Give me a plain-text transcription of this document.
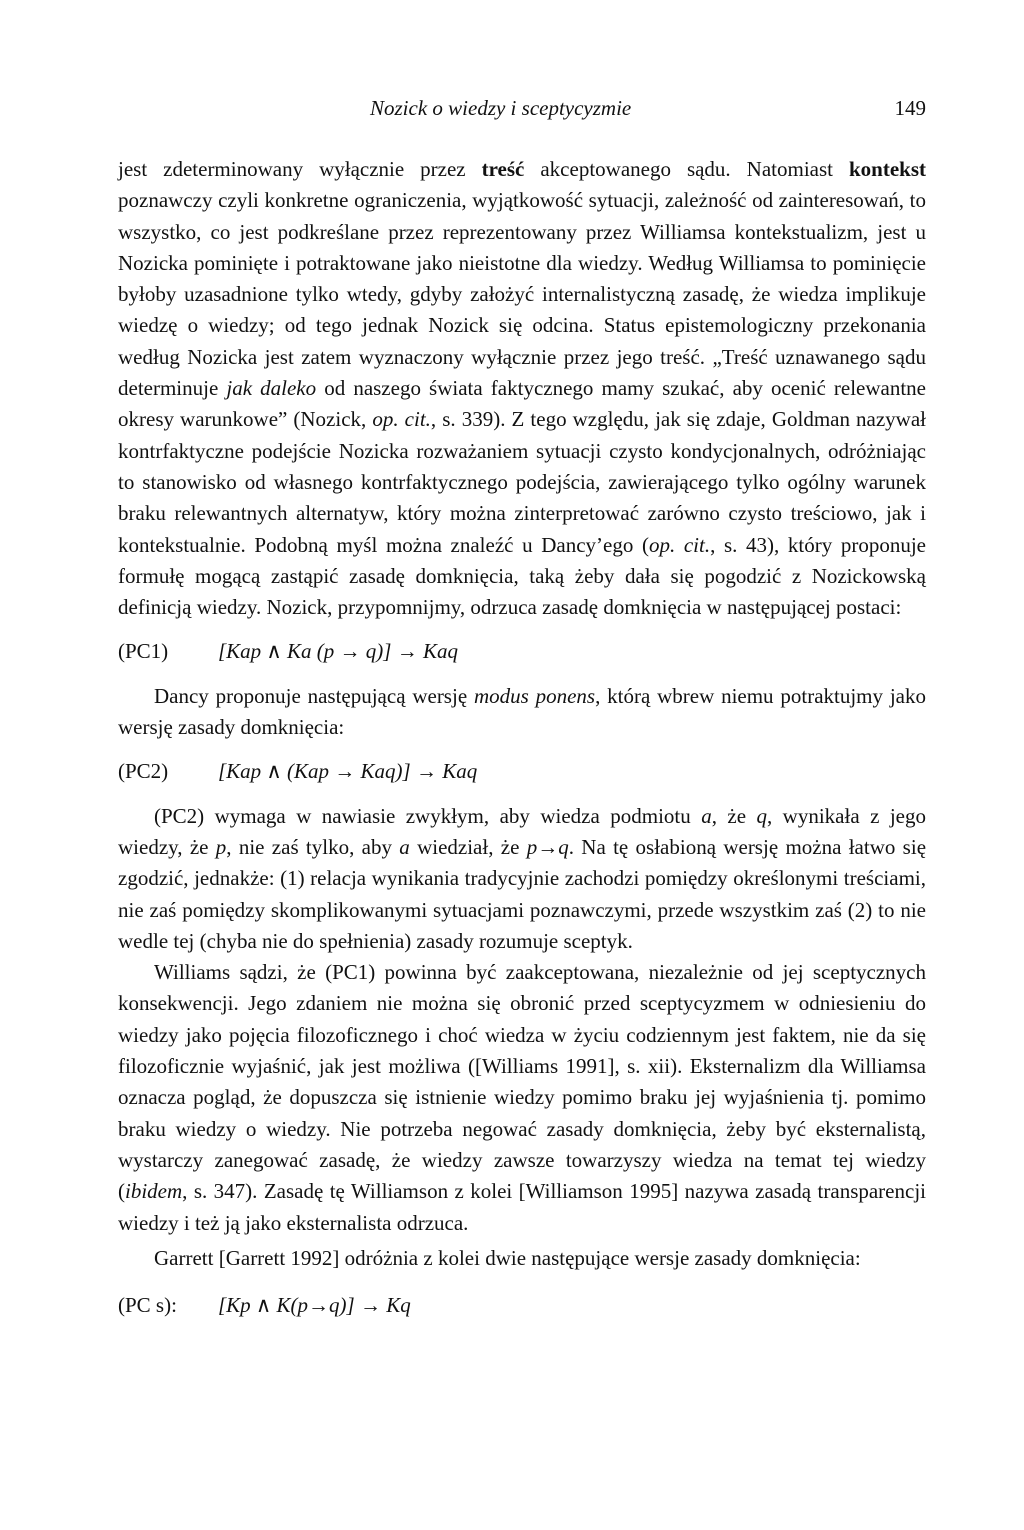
Nozick o wiedzy i sceptycyzmie	149

jest zdeterminowany wyłącznie przez treść akceptowanego sądu. Natomiast kontekst poznawczy czyli konkretne ograniczenia, wyjątkowość sytuacji, zależność od zainteresowań, to wszystko, co jest podkreślane przez reprezentowany przez Williamsa kontekstualizm, jest u Nozicka pominięte i potraktowane jako nieistotne dla wiedzy. Według Williamsa to pominięcie byłoby uzasadnione tylko wtedy, gdyby założyć internalistyczną zasadę, że wiedza implikuje wiedzę o wiedzy; od tego jednak Nozick się odcina. Status epistemologiczny przekonania według Nozicka jest zatem wyznaczony wyłącznie przez jego treść. „Treść uznawanego sądu determinuje jak daleko od naszego świata faktycznego mamy szukać, aby ocenić relewantne okresy warunkowe” (Nozick, op. cit., s. 339). Z tego względu, jak się zdaje, Goldman nazywał kontrfaktyczne podejście Nozicka rozważaniem sytuacji czysto kondycjonalnych, odróżniając to stanowisko od własnego kontrfaktycznego podejścia, zawierającego tylko ogólny warunek braku relewantnych alternatyw, który można zinterpretować zarówno czysto treściowo, jak i kontekstualnie. Podobną myśl można znaleźć u Dancy’ego (op. cit., s. 43), który proponuje formułę mogącą zastąpić zasadę domknięcia, taką żeby dała się pogodzić z Nozickowską definicją wiedzy. Nozick, przypomnijmy, odrzuca zasadę domknięcia w następującej postaci:

(PC1) [Kap ∧ Ka (p → q)] → Kaq

Dancy proponuje następującą wersję modus ponens, którą wbrew niemu potraktujmy jako wersję zasady domknięcia:

(PC2) [Kap ∧ (Kap → Kaq)] → Kaq

(PC2) wymaga w nawiasie zwykłym, aby wiedza podmiotu a, że q, wynikała z jego wiedzy, że p, nie zaś tylko, aby a wiedział, że p→q. Na tę osłabioną wersję można łatwo się zgodzić, jednakże: (1) relacja wynikania tradycyjnie zachodzi pomiędzy określonymi treściami, nie zaś pomiędzy skomplikowanymi sytuacjami poznawczymi, przede wszystkim zaś (2) to nie wedle tej (chyba nie do spełnienia) zasady rozumuje sceptyk.

Williams sądzi, że (PC1) powinna być zaakceptowana, niezależnie od jej sceptycznych konsekwencji. Jego zdaniem nie można się obronić przed sceptycyzmem w odniesieniu do wiedzy jako pojęcia filozoficznego i choć wiedza w życiu codziennym jest faktem, nie da się filozoficznie wyjaśnić, jak jest możliwa ([Williams 1991], s. xii). Eksternalizm dla Williamsa oznacza pogląd, że dopuszcza się istnienie wiedzy pomimo braku jej wyjaśnienia tj. pomimo braku wiedzy o wiedzy. Nie potrzeba negować zasady domknięcia, żeby być eksternalistą, wystarczy zanegować zasadę, że wiedzy zawsze towarzyszy wiedza na temat tej wiedzy (ibidem, s. 347). Zasadę tę Williamson z kolei [Williamson 1995] nazywa zasadą transparencji wiedzy i też ją jako eksternalista odrzuca.

Garrett [Garrett 1992] odróżnia z kolei dwie następujące wersje zasady domknięcia:

(PC s): [Kp ∧ K(p→q)] → Kq
